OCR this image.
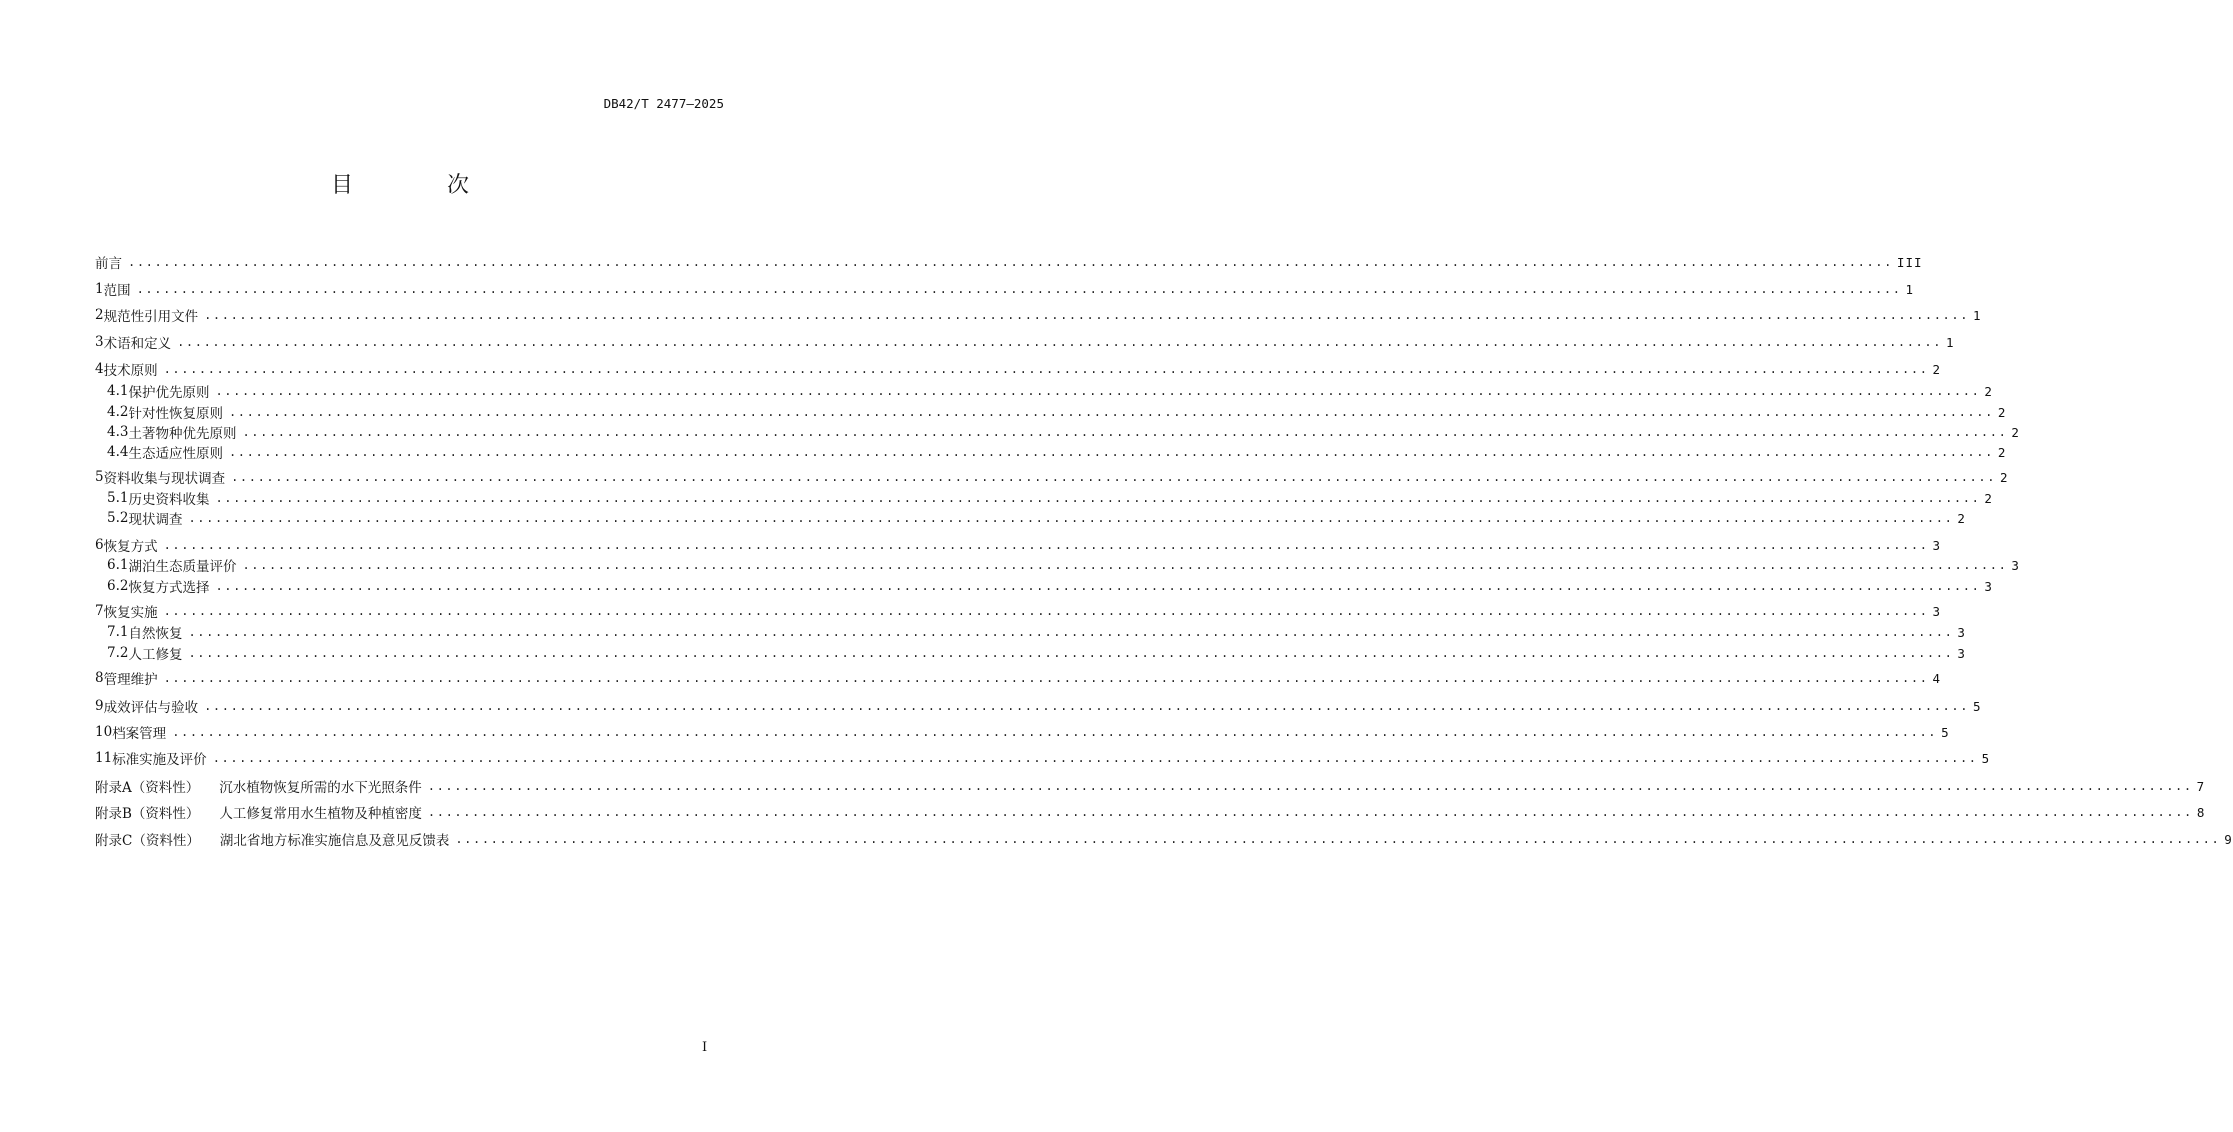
DB42/T 2477—2025
目　次
前言 ........................................................................................................................................................................................................ III
1 范围 ........................................................................................................................................................................................................ 1
2 规范性引用文件 ........................................................................................................................................................................................................ 1
3 术语和定义 ........................................................................................................................................................................................................ 1
4 技术原则 ........................................................................................................................................................................................................ 2
4.1 保护优先原则 ........................................................................................................................................................................................................ 2
4.2 针对性恢复原则 ........................................................................................................................................................................................................ 2
4.3 土著物种优先原则 ........................................................................................................................................................................................................ 2
4.4 生态适应性原则 ........................................................................................................................................................................................................ 2
5 资料收集与现状调查 ........................................................................................................................................................................................................ 2
5.1 历史资料收集 ........................................................................................................................................................................................................ 2
5.2 现状调查 ........................................................................................................................................................................................................ 2
6 恢复方式 ........................................................................................................................................................................................................ 3
6.1 湖泊生态质量评价 ........................................................................................................................................................................................................ 3
6.2 恢复方式选择 ........................................................................................................................................................................................................ 3
7 恢复实施 ........................................................................................................................................................................................................ 3
7.1 自然恢复 ........................................................................................................................................................................................................ 3
7.2 人工修复 ........................................................................................................................................................................................................ 3
8 管理维护 ........................................................................................................................................................................................................ 4
9 成效评估与验收 ........................................................................................................................................................................................................ 5
10 档案管理 ........................................................................................................................................................................................................ 5
11 标准实施及评价 ........................................................................................................................................................................................................ 5
附录A（资料性） 沉水植物恢复所需的水下光照条件 ........................................................................................................................................................................................................ 7
附录B（资料性） 人工修复常用水生植物及种植密度 ........................................................................................................................................................................................................ 8
附录C（资料性） 湖北省地方标准实施信息及意见反馈表 ........................................................................................................................................................................................................ 9
I
